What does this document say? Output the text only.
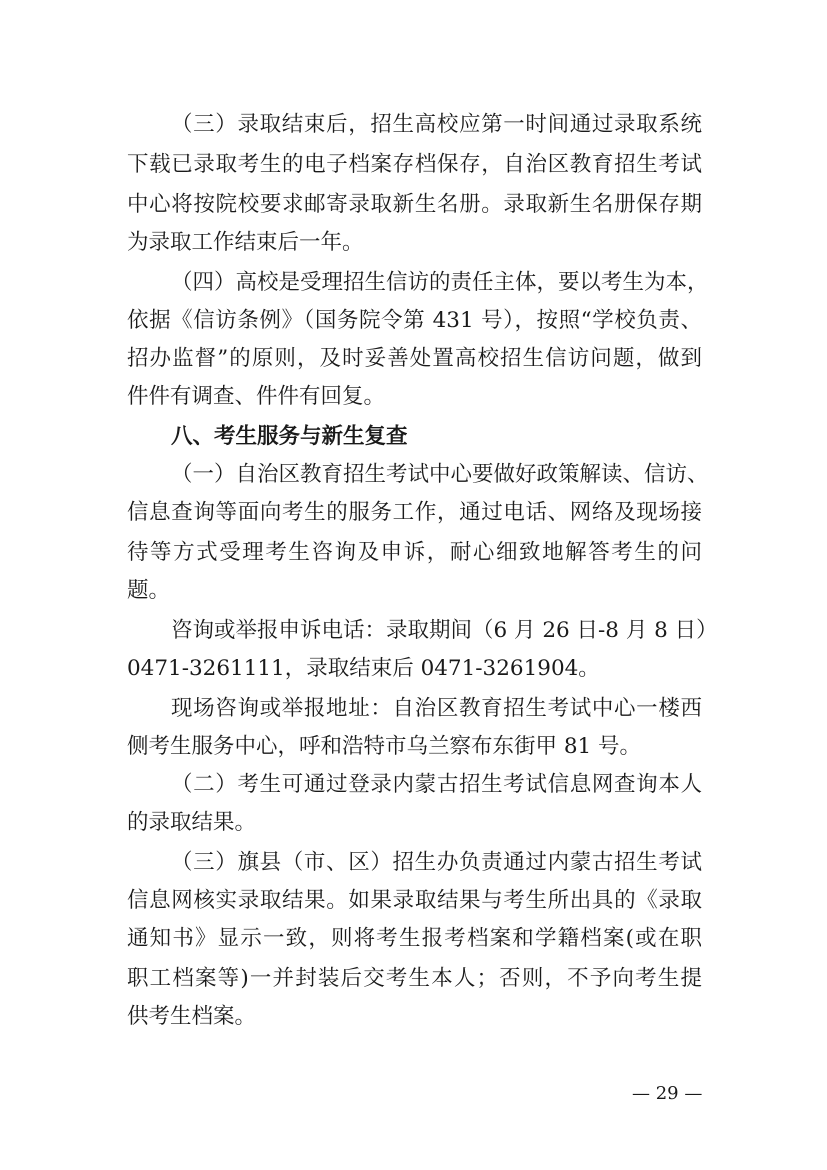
（三）录取结束后，招生高校应第一时间通过录取系统
下载已录取考生的电子档案存档保存，自治区教育招生考试
中心将按院校要求邮寄录取新生名册。录取新生名册保存期
为录取工作结束后一年。
（四）高校是受理招生信访的责任主体，要以考生为本，
依据《信访条例》（国务院令第 431 号），按照“学校负责、
招办监督”的原则，及时妥善处置高校招生信访问题，做到
件件有调查、件件有回复。
八、考生服务与新生复查
（一）自治区教育招生考试中心要做好政策解读、信访、
信息查询等面向考生的服务工作，通过电话、网络及现场接
待等方式受理考生咨询及申诉，耐心细致地解答考生的问
题。
咨询或举报申诉电话：录取期间（6 月 26 日-8 月 8 日）
0471-3261111，录取结束后 0471-3261904。
现场咨询或举报地址：自治区教育招生考试中心一楼西
侧考生服务中心，呼和浩特市乌兰察布东街甲 81 号。
（二）考生可通过登录内蒙古招生考试信息网查询本人
的录取结果。
（三）旗县（市、区）招生办负责通过内蒙古招生考试
信息网核实录取结果。如果录取结果与考生所出具的《录取
通知书》显示一致，则将考生报考档案和学籍档案(或在职
职工档案等)一并封装后交考生本人；否则，不予向考生提
供考生档案。
— 29 —
